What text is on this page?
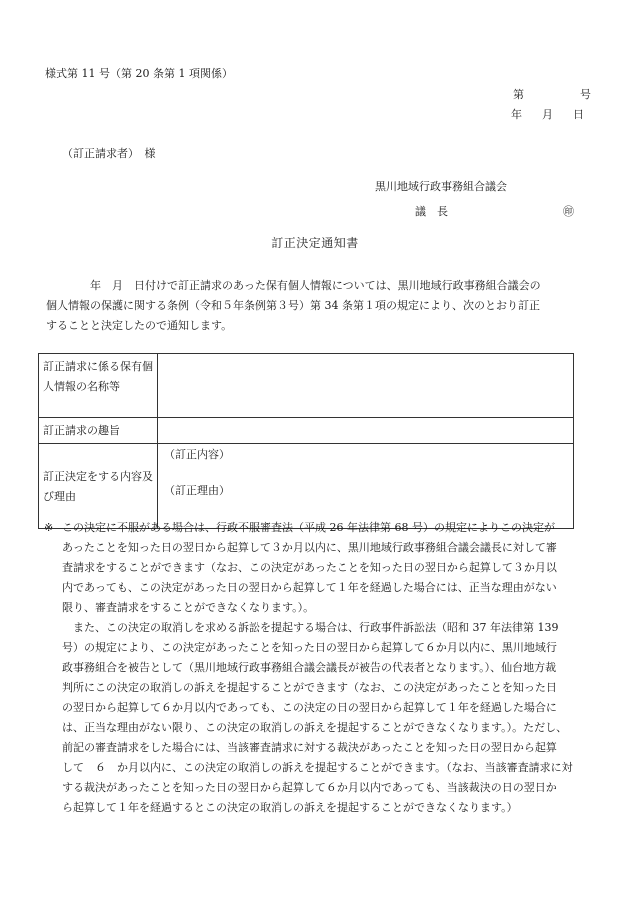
様式第 11 号（第 20 条第 1 項関係）
第	号
年 月 日
（訂正請求者）　様
黒川地域行政事務組合議会
議　長	㊞
訂正決定通知書
　　　　年　月　日付けで訂正請求のあった保有個人情報については、黒川地域行政事務組合議会の
個人情報の保護に関する条例（令和５年条例第３号）第 34 条第１項の規定により、次のとおり訂正
することと決定したので通知します。
訂正請求に係る保有個人情報の名称等	
訂正請求の趣旨	
訂正決定をする内容及び理由	（訂正内容）
（訂正理由）
※ この決定に不服がある場合は、行政不服審査法（平成 26 年法律第 68 号）の規定によりこの決定が
あったことを知った日の翌日から起算して３か月以内に、黒川地域行政事務組合議会議長に対して審
査請求をすることができます（なお、この決定があったことを知った日の翌日から起算して３か月以
内であっても、この決定があった日の翌日から起算して１年を経過した場合には、正当な理由がない
限り、審査請求をすることができなくなります。）。
また、この決定の取消しを求める訴訟を提起する場合は、行政事件訴訟法（昭和 37 年法律第 139
号）の規定により、この決定があったことを知った日の翌日から起算して６か月以内に、黒川地域行
政事務組合を被告として（黒川地域行政事務組合議会議長が被告の代表者となります。）、仙台地方裁
判所にこの決定の取消しの訴えを提起することができます（なお、この決定があったことを知った日
の翌日から起算して６か月以内であっても、この決定の日の翌日から起算して１年を経過した場合に
は、正当な理由がない限り、この決定の取消しの訴えを提起することができなくなります。）。ただし、
前記の審査請求をした場合には、当該審査請求に対する裁決があったことを知った日の翌日から起算
して　６　か月以内に、この決定の取消しの訴えを提起することができます。（なお、当該審査請求に対
する裁決があったことを知った日の翌日から起算して６か月以内であっても、当該裁決の日の翌日か
ら起算して１年を経過するとこの決定の取消しの訴えを提起することができなくなります。）
